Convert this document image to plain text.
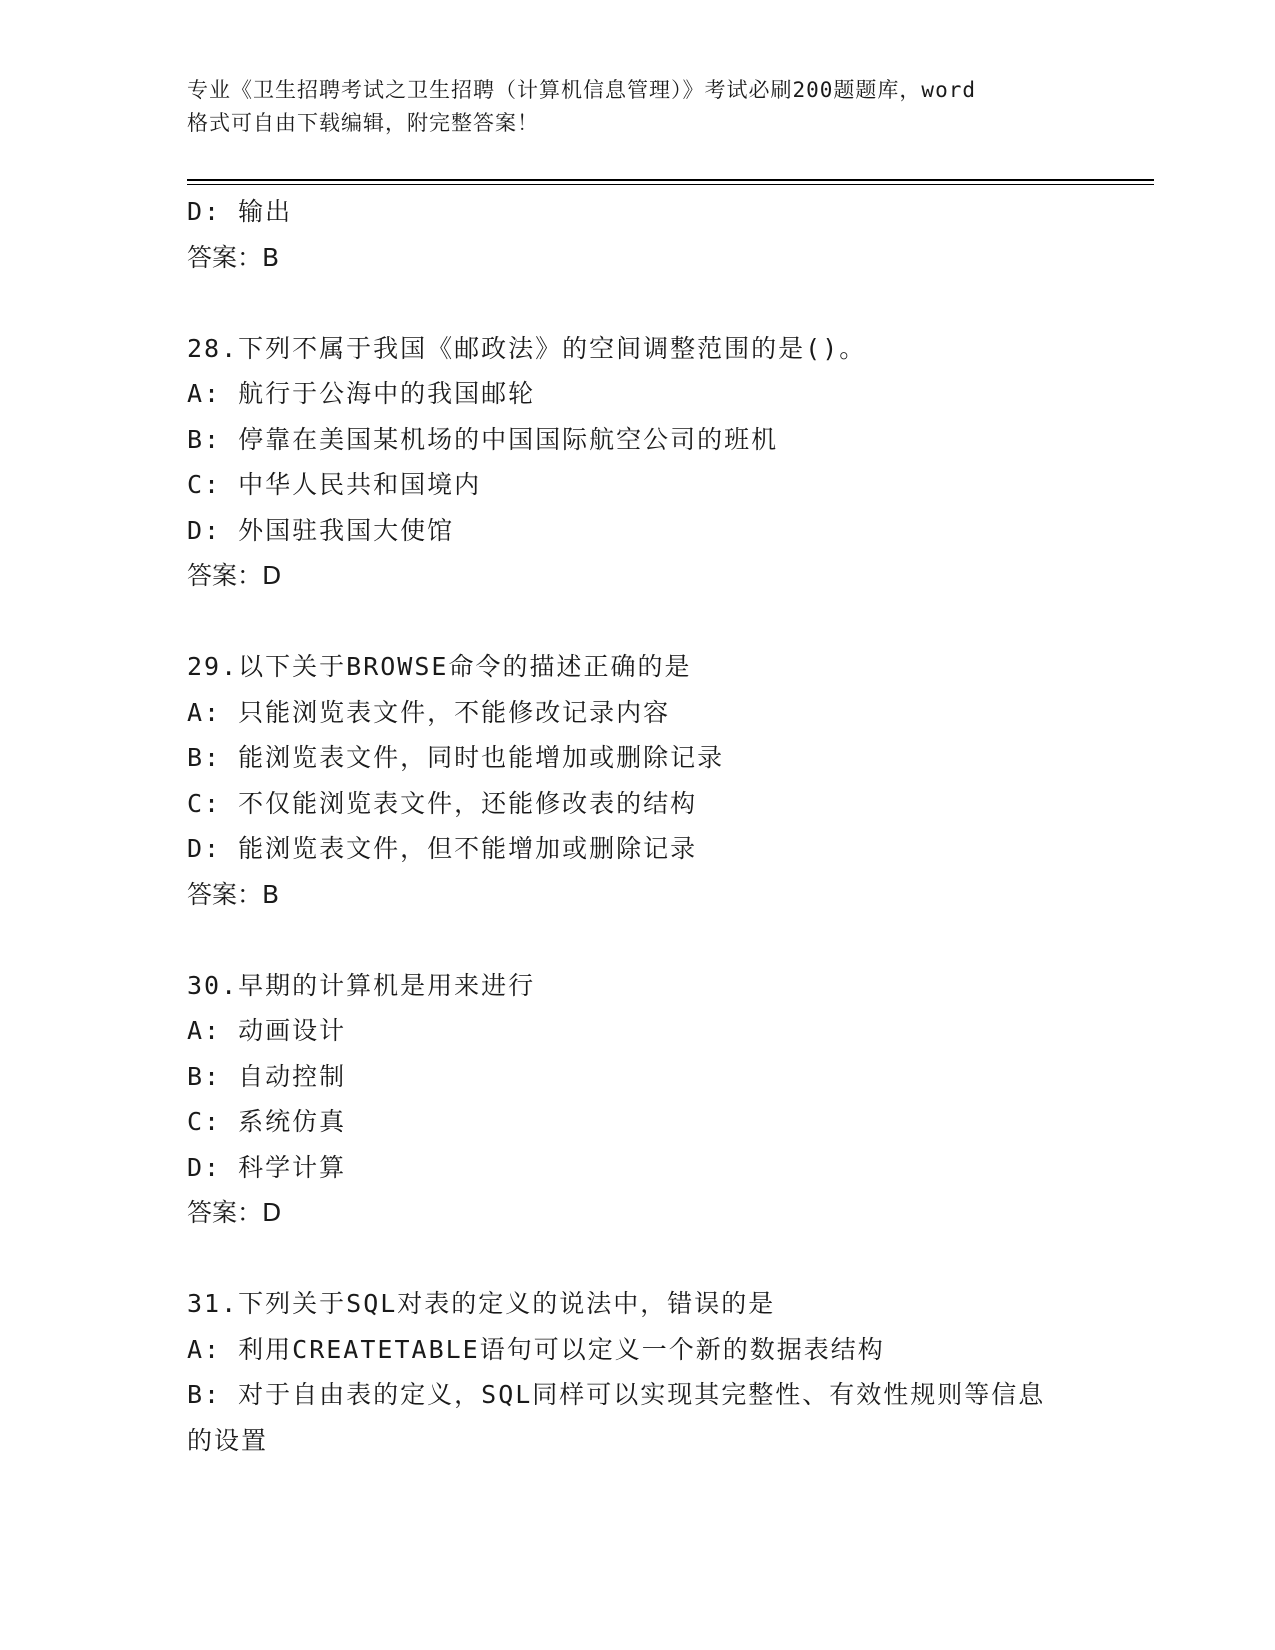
专业《卫生招聘考试之卫生招聘（计算机信息管理）》考试必刷200题题库，word
格式可自由下载编辑，附完整答案！
D: 输出
答案：B
28.下列不属于我国《邮政法》的空间调整范围的是()。
A: 航行于公海中的我国邮轮
B: 停靠在美国某机场的中国国际航空公司的班机
C: 中华人民共和国境内
D: 外国驻我国大使馆
答案：D
29.以下关于BROWSE命令的描述正确的是
A: 只能浏览表文件，不能修改记录内容
B: 能浏览表文件，同时也能增加或删除记录
C: 不仅能浏览表文件，还能修改表的结构
D: 能浏览表文件，但不能增加或删除记录
答案：B
30.早期的计算机是用来进行
A: 动画设计
B: 自动控制
C: 系统仿真
D: 科学计算
答案：D
31.下列关于SQL对表的定义的说法中，错误的是
A: 利用CREATETABLE语句可以定义一个新的数据表结构
B: 对于自由表的定义，SQL同样可以实现其完整性、有效性规则等信息的设置
